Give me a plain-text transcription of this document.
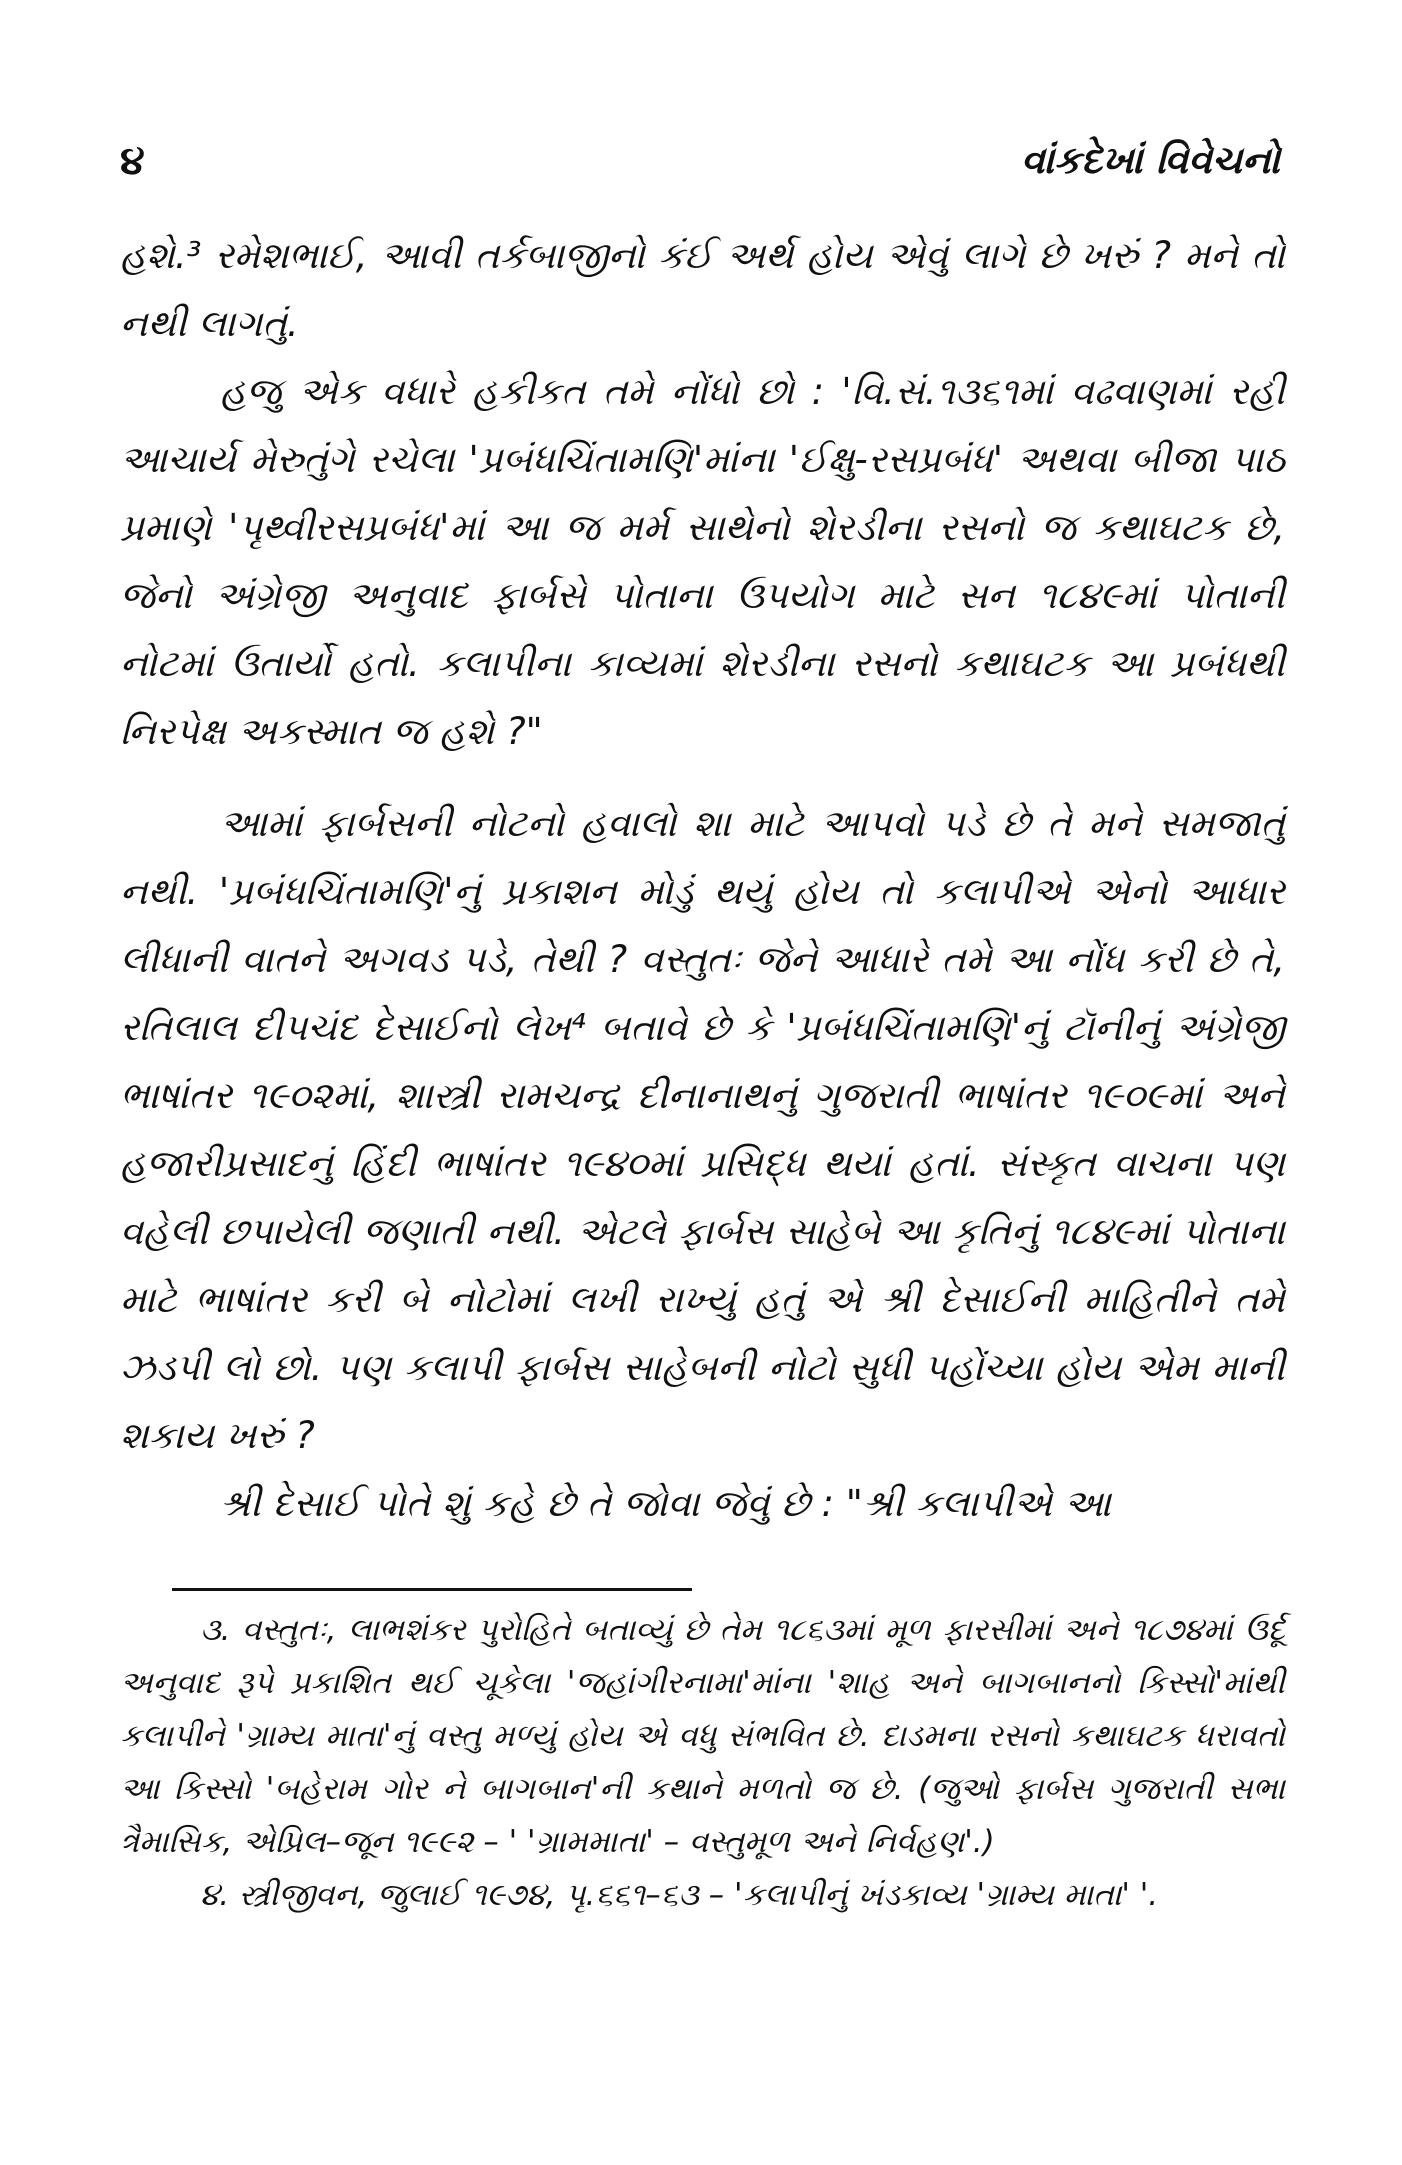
૪	વાંકદેખાં વિવેચનો

હશે.³ રમેશભાઈ, આવી તર્કબાજીનો કંઈ અર્થ હોય એવું લાગે છે ખરું ? મને તો નથી લાગતું.

હજુ એક વધારે હકીકત તમે નોંધો છો : 'વિ.સં.૧૩૬૧માં વઢવાણમાં રહી આચાર્ય મેરુતુંગે રચેલા 'પ્રબંધચિંતામણિ'માંના 'ઈક્ષુ-રસપ્રબંધ' અથવા બીજા પાઠ પ્રમાણે 'પૃથ્વીરસપ્રબંધ'માં આ જ મર્મ સાથેનો શેરડીના રસનો જ કથાઘટક છે, જેનો અંગ્રેજી અનુવાદ ફાર્બસે પોતાના ઉપયોગ માટે સન ૧૮૪૯માં પોતાની નોટમાં ઉતાર્યો હતો. કલાપીના કાવ્યમાં શેરડીના રસનો કથાઘટક આ પ્રબંધથી નિરપેક્ષ અકસ્માત જ હશે ?"

આમાં ફાર્બસની નોટનો હવાલો શા માટે આપવો પડે છે તે મને સમજાતું નથી. 'પ્રબંધચિંતામણિ'નું પ્રકાશન મોડું થયું હોય તો કલાપીએ એનો આધાર લીધાની વાતને અગવડ પડે, તેથી ? વસ્તુતઃ જેને આધારે તમે આ નોંધ કરી છે તે, રતિલાલ દીપચંદ દેસાઈનો લેખ⁴ બતાવે છે કે 'પ્રબંધચિંતામણિ'નું ટૉનીનું અંગ્રેજી ભાષાંતર ૧૯૦૨માં, શાસ્ત્રી રામચન્દ્ર દીનાનાથનું ગુજરાતી ભાષાંતર ૧૯૦૯માં અને હજારીપ્રસાદનું હિંદી ભાષાંતર ૧૯૪૦માં પ્રસિદ્ધ થયાં હતાં. સંસ્કૃત વાચના પણ વહેલી છપાયેલી જણાતી નથી. એટલે ફાર્બસ સાહેબે આ કૃતિનું ૧૮૪૯માં પોતાના માટે ભાષાંતર કરી બે નોટોમાં લખી રાખ્યું હતું એ શ્રી દેસાઈની માહિતીને તમે ઝડપી લો છો. પણ કલાપી ફાર્બસ સાહેબની નોટો સુધી પહોંચ્યા હોય એમ માની શકાય ખરું ?

શ્રી દેસાઈ પોતે શું કહે છે તે જોવા જેવું છે : "શ્રી કલાપીએ આ

૩. વસ્તુતઃ, લાભશંકર પુરોહિતે બતાવ્યું છે તેમ ૧૮૬૩માં મૂળ ફારસીમાં અને ૧૮૭૪માં ઉર્દૂ અનુવાદ રૂપે પ્રકાશિત થઈ ચૂકેલા 'જહાંગીરનામા'માંના 'શાહ અને બાગબાનનો કિસ્સો'માંથી કલાપીને 'ગ્રામ્ય માતા'નું વસ્તુ મળ્યું હોય એ વધુ સંભવિત છે. દાડમના રસનો કથાઘટક ધરાવતો આ કિસ્સો 'બહેરામ ગોર ને બાગબાન'ની કથાને મળતો જ છે. (જુઓ ફાર્બસ ગુજરાતી સભા ત્રૈમાસિક, એપ્રિલ–જૂન ૧૯૯૨ – ' 'ગ્રામમાતા' – વસ્તુમૂળ અને નિર્વહણ'.)

૪. સ્ત્રીજીવન, જુલાઈ ૧૯૭૪, પૃ.૬૬૧–૬૩ – 'કલાપીનું ખંડકાવ્ય 'ગ્રામ્ય માતા' '.
